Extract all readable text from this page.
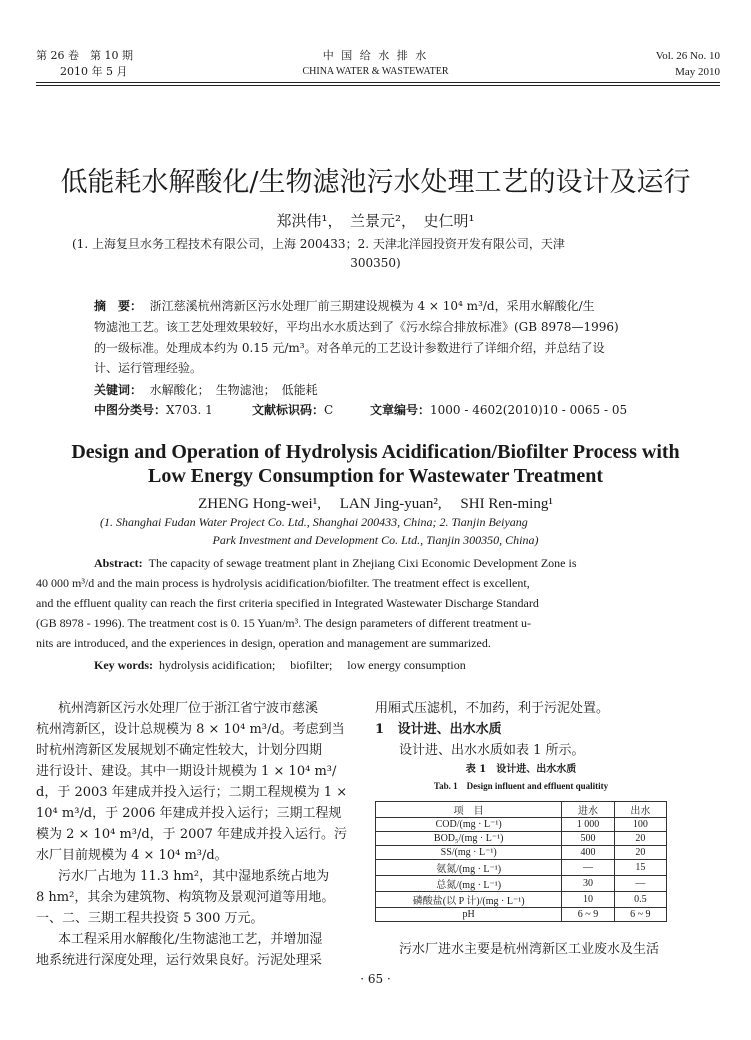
第 26 卷　第 10 期
2010 年 5 月
中 国 给 水 排 水
CHINA WATER & WASTEWATER
Vol. 26 No. 10
May 2010
低能耗水解酸化/生物滤池污水处理工艺的设计及运行
郑洪伟¹，　兰景元²，　史仁明¹
(1. 上海复旦水务工程技术有限公司，上海 200433；2. 天津北洋园投资开发有限公司，天津
300350)
摘　要： 浙江慈溪杭州湾新区污水处理厂前三期建设规模为 4 × 10⁴ m³/d，采用水解酸化/生
物滤池工艺。该工艺处理效果较好，平均出水水质达到了《污水综合排放标准》(GB 8978—1996)
的一级标准。处理成本约为 0.15 元/m³。对各单元的工艺设计参数进行了详细介绍，并总结了设
计、运行管理经验。
关键词： 水解酸化；　生物滤池；　低能耗
中图分类号：X703. 1	文献标识码：C	文章编号：1000 - 4602(2010)10 - 0065 - 05
Design and Operation of Hydrolysis Acidification/Biofilter Process with
Low Energy Consumption for Wastewater Treatment
ZHENG Hong-wei¹,　 LAN Jing-yuan²,　 SHI Ren-ming¹
(1. Shanghai Fudan Water Project Co. Ltd., Shanghai 200433, China; 2. Tianjin Beiyang
Park Investment and Development Co. Ltd., Tianjin 300350, China)
Abstract: The capacity of sewage treatment plant in Zhejiang Cixi Economic Development Zone is
40 000 m³/d and the main process is hydrolysis acidification/biofilter. The treatment effect is excellent,
and the effluent quality can reach the first criteria specified in Integrated Wastewater Discharge Standard
(GB 8978 - 1996). The treatment cost is 0. 15 Yuan/m³. The design parameters of different treatment u-
nits are introduced, and the experiences in design, operation and management are summarized.
Key words: hydrolysis acidification;　 biofilter;　 low energy consumption
杭州湾新区污水处理厂位于浙江省宁波市慈溪
杭州湾新区，设计总规模为 8 × 10⁴ m³/d。考虑到当
时杭州湾新区发展规划不确定性较大，计划分四期
进行设计、建设。其中一期设计规模为 1 × 10⁴ m³/
d，于 2003 年建成并投入运行；二期工程规模为 1 ×
10⁴ m³/d，于 2006 年建成并投入运行；三期工程规
模为 2 × 10⁴ m³/d，于 2007 年建成并投入运行。污
水厂目前规模为 4 × 10⁴ m³/d。
污水厂占地为 11.3 hm²，其中湿地系统占地为
8 hm²，其余为建筑物、构筑物及景观河道等用地。
一、二、三期工程共投资 5 300 万元。
本工程采用水解酸化/生物滤池工艺，并增加湿
地系统进行深度处理，运行效果良好。污泥处理采
用厢式压滤机，不加药，利于污泥处置。
1 设计进、出水水质
设计进、出水水质如表 1 所示。
表 1　设计进、出水水质
Tab. 1　Design influent and effluent qualitity
项　目	进水	出水
COD/(mg · L⁻¹)	1 000	100
BOD₅/(mg · L⁻¹)	500	20
SS/(mg · L⁻¹)	400	20
氨氮/(mg · L⁻¹)	—	15
总氮/(mg · L⁻¹)	30	—
磷酸盐(以 P 计)/(mg · L⁻¹)	10	0.5
pH	6 ~ 9	6 ~ 9
污水厂进水主要是杭州湾新区工业废水及生活
· 65 ·
